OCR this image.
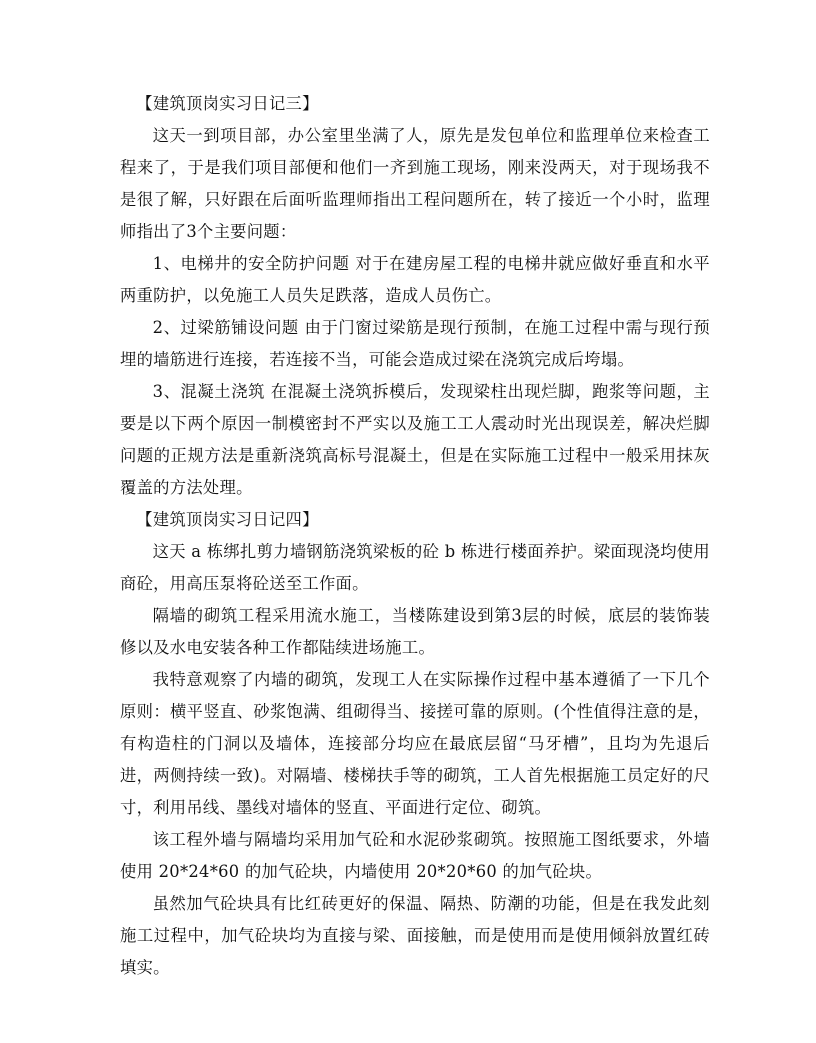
【建筑顶岗实习日记三】

这天一到项目部，办公室里坐满了人，原先是发包单位和监理单位来检查工程来了，于是我们项目部便和他们一齐到施工现场，刚来没两天，对于现场我不是很了解，只好跟在后面听监理师指出工程问题所在，转了接近一个小时，监理师指出了3个主要问题：

1、电梯井的安全防护问题 对于在建房屋工程的电梯井就应做好垂直和水平两重防护，以免施工人员失足跌落，造成人员伤亡。

2、过梁筋铺设问题 由于门窗过梁筋是现行预制，在施工过程中需与现行预埋的墙筋进行连接，若连接不当，可能会造成过梁在浇筑完成后垮塌。

3、混凝土浇筑 在混凝土浇筑拆模后，发现梁柱出现烂脚，跑浆等问题，主要是以下两个原因一制模密封不严实以及施工工人震动时光出现误差，解决烂脚问题的正规方法是重新浇筑高标号混凝土，但是在实际施工过程中一般采用抹灰覆盖的方法处理。

【建筑顶岗实习日记四】

这天 a 栋绑扎剪力墙钢筋浇筑梁板的砼 b 栋进行楼面养护。梁面现浇均使用商砼，用高压泵将砼送至工作面。

隔墙的砌筑工程采用流水施工，当楼陈建设到第3层的时候，底层的装饰装修以及水电安装各种工作都陆续进场施工。

我特意观察了内墙的砌筑，发现工人在实际操作过程中基本遵循了一下几个原则：横平竖直、砂浆饱满、组砌得当、接搓可靠的原则。(个性值得注意的是，有构造柱的门洞以及墙体，连接部分均应在最底层留“马牙槽”，且均为先退后进，两侧持续一致)。对隔墙、楼梯扶手等的砌筑，工人首先根据施工员定好的尺寸，利用吊线、墨线对墙体的竖直、平面进行定位、砌筑。

该工程外墙与隔墙均采用加气砼和水泥砂浆砌筑。按照施工图纸要求，外墙使用 20*24*60 的加气砼块，内墙使用 20*20*60 的加气砼块。

虽然加气砼块具有比红砖更好的保温、隔热、防潮的功能，但是在我发此刻施工过程中，加气砼块均为直接与梁、面接触，而是使用而是使用倾斜放置红砖填实。
